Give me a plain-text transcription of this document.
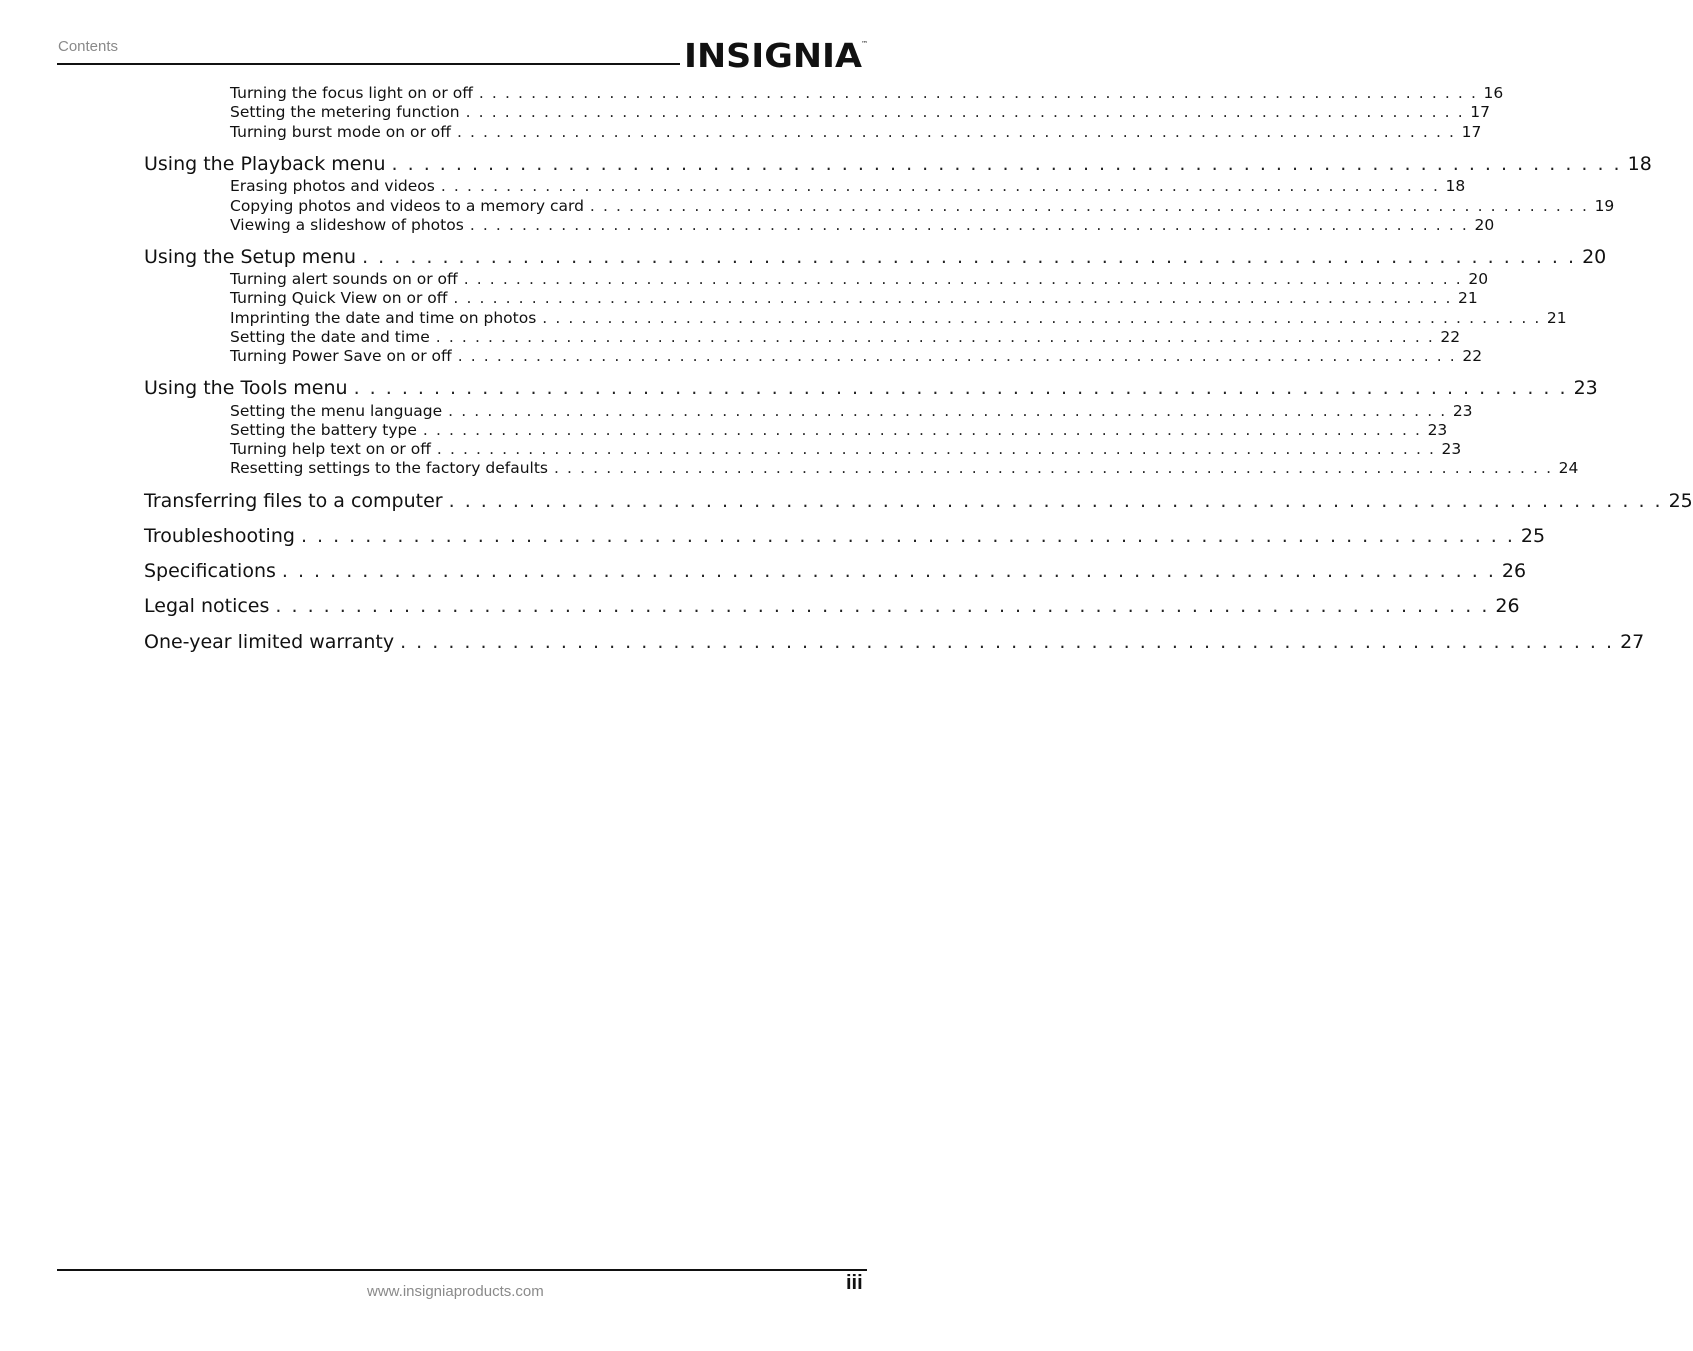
Contents	INSIGNIA
™
Turning the focus light on or off . . . . . . . . . . . . . . . . . . . . . . . . . . . . . . . . . . . . . . . . . . . . . . . . . . . . . . . . . . . . . . . . . . . . . . . . . . . . . 16
Setting the metering function . . . . . . . . . . . . . . . . . . . . . . . . . . . . . . . . . . . . . . . . . . . . . . . . . . . . . . . . . . . . . . . . . . . . . . . . . . . . . 17
Turning burst mode on or off . . . . . . . . . . . . . . . . . . . . . . . . . . . . . . . . . . . . . . . . . . . . . . . . . . . . . . . . . . . . . . . . . . . . . . . . . . . . . 17
Using the Playback menu . . . . . . . . . . . . . . . . . . . . . . . . . . . . . . . . . . . . . . . . . . . . . . . . . . . . . . . . . . . . . . . . . . . . . . . . . . . . . 18
Erasing photos and videos . . . . . . . . . . . . . . . . . . . . . . . . . . . . . . . . . . . . . . . . . . . . . . . . . . . . . . . . . . . . . . . . . . . . . . . . . . . . . 18
Copying photos and videos to a memory card . . . . . . . . . . . . . . . . . . . . . . . . . . . . . . . . . . . . . . . . . . . . . . . . . . . . . . . . . . . . . . . . . . . . . . . . . . . . . 19
Viewing a slideshow of photos . . . . . . . . . . . . . . . . . . . . . . . . . . . . . . . . . . . . . . . . . . . . . . . . . . . . . . . . . . . . . . . . . . . . . . . . . . . . . 20
Using the Setup menu . . . . . . . . . . . . . . . . . . . . . . . . . . . . . . . . . . . . . . . . . . . . . . . . . . . . . . . . . . . . . . . . . . . . . . . . . . . . 20
Turning alert sounds on or off . . . . . . . . . . . . . . . . . . . . . . . . . . . . . . . . . . . . . . . . . . . . . . . . . . . . . . . . . . . . . . . . . . . . . . . . . . . . . 20
Turning Quick View on or off . . . . . . . . . . . . . . . . . . . . . . . . . . . . . . . . . . . . . . . . . . . . . . . . . . . . . . . . . . . . . . . . . . . . . . . . . . . . . 21
Imprinting the date and time on photos . . . . . . . . . . . . . . . . . . . . . . . . . . . . . . . . . . . . . . . . . . . . . . . . . . . . . . . . . . . . . . . . . . . . . . . . . . . . . 21
Setting the date and time . . . . . . . . . . . . . . . . . . . . . . . . . . . . . . . . . . . . . . . . . . . . . . . . . . . . . . . . . . . . . . . . . . . . . . . . . . . . . 22
Turning Power Save on or off . . . . . . . . . . . . . . . . . . . . . . . . . . . . . . . . . . . . . . . . . . . . . . . . . . . . . . . . . . . . . . . . . . . . . . . . . . . . . 22
Using the Tools menu . . . . . . . . . . . . . . . . . . . . . . . . . . . . . . . . . . . . . . . . . . . . . . . . . . . . . . . . . . . . . . . . . . . . . . . . . . . . 23
Setting the menu language . . . . . . . . . . . . . . . . . . . . . . . . . . . . . . . . . . . . . . . . . . . . . . . . . . . . . . . . . . . . . . . . . . . . . . . . . . . . . 23
Setting the battery type . . . . . . . . . . . . . . . . . . . . . . . . . . . . . . . . . . . . . . . . . . . . . . . . . . . . . . . . . . . . . . . . . . . . . . . . . . . . . 23
Turning help text on or off . . . . . . . . . . . . . . . . . . . . . . . . . . . . . . . . . . . . . . . . . . . . . . . . . . . . . . . . . . . . . . . . . . . . . . . . . . . . . 23
Resetting settings to the factory defaults . . . . . . . . . . . . . . . . . . . . . . . . . . . . . . . . . . . . . . . . . . . . . . . . . . . . . . . . . . . . . . . . . . . . . . . . . . . . . 24
Transferring files to a computer . . . . . . . . . . . . . . . . . . . . . . . . . . . . . . . . . . . . . . . . . . . . . . . . . . . . . . . . . . . . . . . . . . . . . . . . . . . . 25
Troubleshooting . . . . . . . . . . . . . . . . . . . . . . . . . . . . . . . . . . . . . . . . . . . . . . . . . . . . . . . . . . . . . . . . . . . . . . . . . . . . 25
Specifications . . . . . . . . . . . . . . . . . . . . . . . . . . . . . . . . . . . . . . . . . . . . . . . . . . . . . . . . . . . . . . . . . . . . . . . . . . . . 26
Legal notices . . . . . . . . . . . . . . . . . . . . . . . . . . . . . . . . . . . . . . . . . . . . . . . . . . . . . . . . . . . . . . . . . . . . . . . . . . . . 26
One-year limited warranty . . . . . . . . . . . . . . . . . . . . . . . . . . . . . . . . . . . . . . . . . . . . . . . . . . . . . . . . . . . . . . . . . . . . . . . . . . . . 27
iii
www.insigniaproducts.com
